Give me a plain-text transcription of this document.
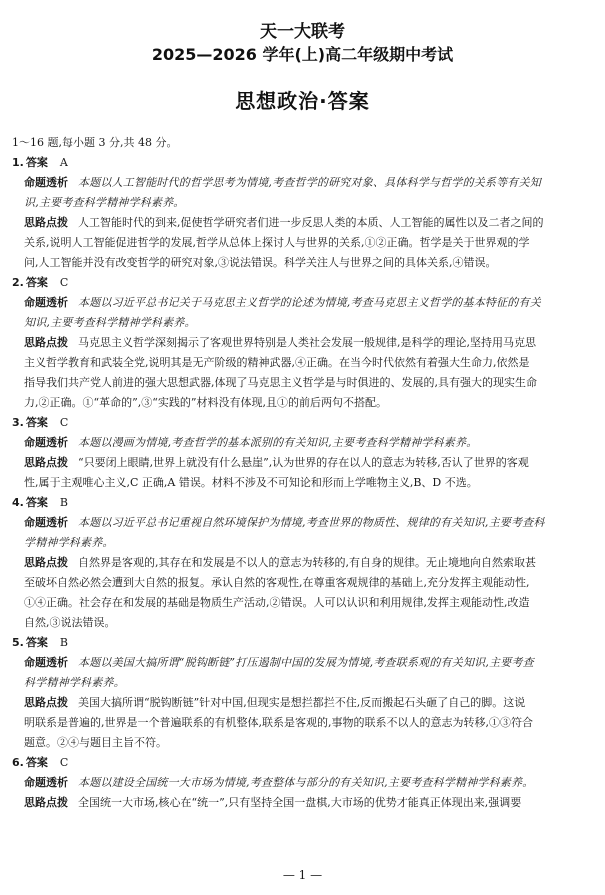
天一大联考
2025—2026 学年(上)高二年级期中考试
思想政治·答案
1～16 题,每小题 3 分,共 48 分。
1. 答案 A
命题透析 本题以人工智能时代的哲学思考为情境,考查哲学的研究对象、具体科学与哲学的关系等有关知
识,主要考查科学精神学科素养。
思路点拨 人工智能时代的到来,促使哲学研究者们进一步反思人类的本质、人工智能的属性以及二者之间的
关系,说明人工智能促进哲学的发展,哲学从总体上探讨人与世界的关系,①②正确。哲学是关于世界观的学
问,人工智能并没有改变哲学的研究对象,③说法错误。科学关注人与世界之间的具体关系,④错误。
2. 答案 C
命题透析 本题以习近平总书记关于马克思主义哲学的论述为情境,考查马克思主义哲学的基本特征的有关
知识,主要考查科学精神学科素养。
思路点拨 马克思主义哲学深刻揭示了客观世界特别是人类社会发展一般规律,是科学的理论,坚持用马克思
主义哲学教育和武装全党,说明其是无产阶级的精神武器,④正确。在当今时代依然有着强大生命力,依然是
指导我们共产党人前进的强大思想武器,体现了马克思主义哲学是与时俱进的、发展的,具有强大的现实生命
力,②正确。①“革命的”,③“实践的”材料没有体现,且①的前后两句不搭配。
3. 答案 C
命题透析 本题以漫画为情境,考查哲学的基本派别的有关知识,主要考查科学精神学科素养。
思路点拨 “只要闭上眼睛,世界上就没有什么悬崖”,认为世界的存在以人的意志为转移,否认了世界的客观
性,属于主观唯心主义,C 正确,A 错误。材料不涉及不可知论和形而上学唯物主义,B、D 不选。
4. 答案 B
命题透析 本题以习近平总书记重视自然环境保护为情境,考查世界的物质性、规律的有关知识,主要考查科
学精神学科素养。
思路点拨 自然界是客观的,其存在和发展是不以人的意志为转移的,有自身的规律。无止境地向自然索取甚
至破坏自然必然会遭到大自然的报复。承认自然的客观性,在尊重客观规律的基础上,充分发挥主观能动性,
①④正确。社会存在和发展的基础是物质生产活动,②错误。人可以认识和利用规律,发挥主观能动性,改造
自然,③说法错误。
5. 答案 B
命题透析 本题以美国大搞所谓“脱钩断链”打压遏制中国的发展为情境,考查联系观的有关知识,主要考查
科学精神学科素养。
思路点拨 美国大搞所谓“脱钩断链”针对中国,但现实是想拦都拦不住,反而搬起石头砸了自己的脚。这说
明联系是普遍的,世界是一个普遍联系的有机整体,联系是客观的,事物的联系不以人的意志为转移,①③符合
题意。②④与题目主旨不符。
6. 答案 C
命题透析 本题以建设全国统一大市场为情境,考查整体与部分的有关知识,主要考查科学精神学科素养。
思路点拨 全国统一大市场,核心在“统一”,只有坚持全国一盘棋,大市场的优势才能真正体现出来,强调要
— 1 —
